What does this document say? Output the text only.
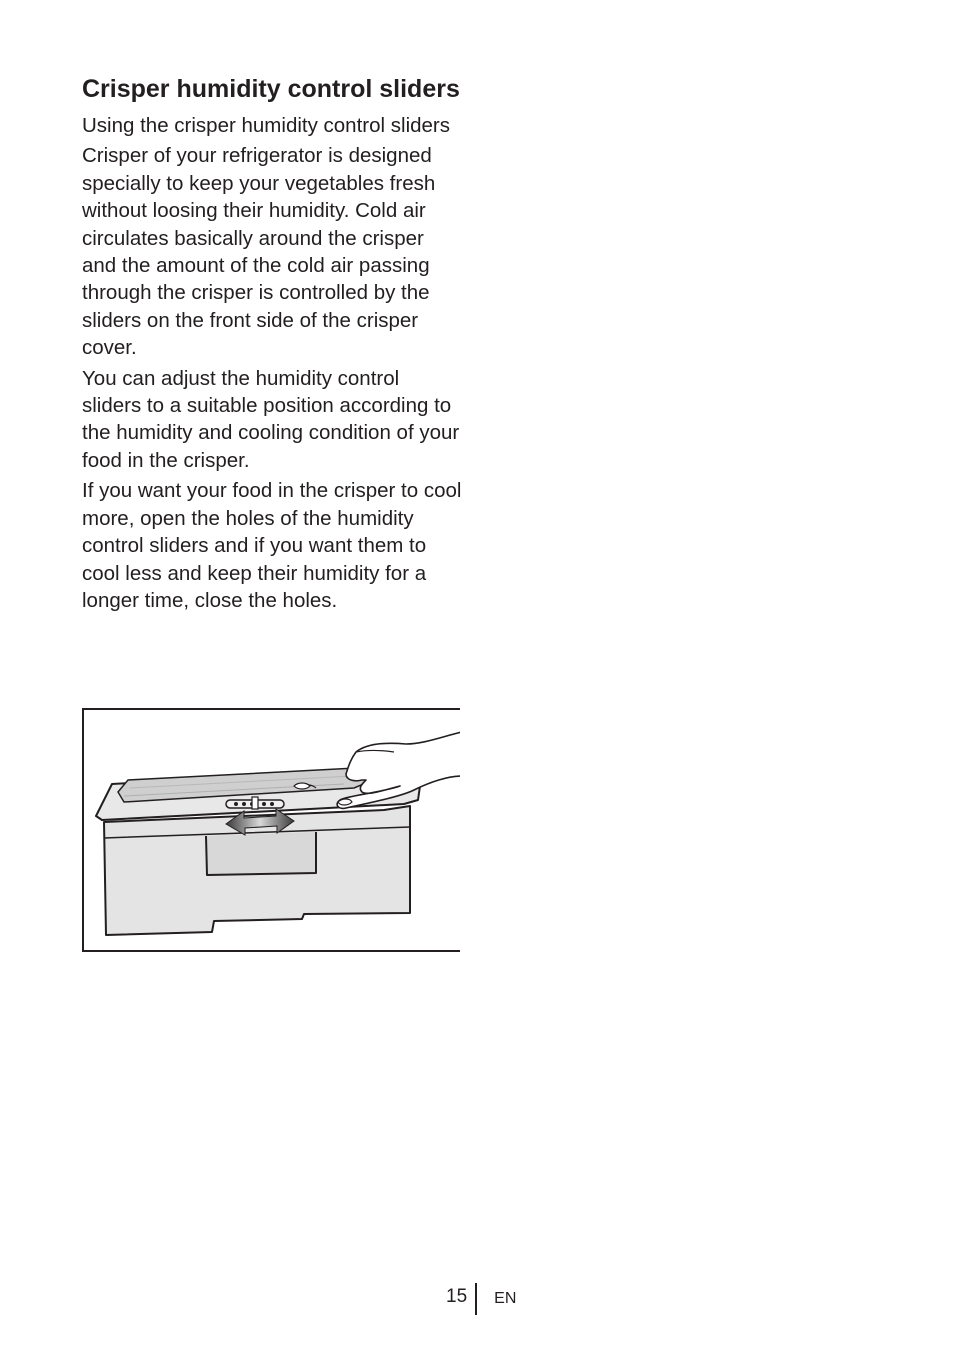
Crisper humidity control sliders

Using the crisper humidity control sliders

Crisper of your refrigerator is designed specially to keep your vegetables fresh without loosing their humidity. Cold air circulates basically around the crisper and the amount of the cold air passing through the crisper is controlled by the sliders on the front side of the crisper cover.

You can adjust the humidity control sliders to a suitable position according to the humidity and cooling condition of your food in the crisper.

If you want your food in the crisper to cool more, open the holes of the humidity control sliders and if you want them to cool less and keep their humidity for a longer time, close the holes.

15	EN
